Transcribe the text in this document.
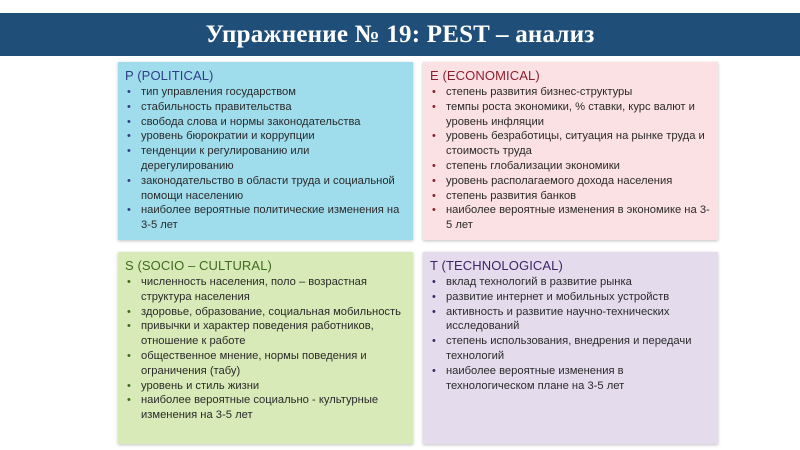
Упражнение № 19: PEST – анализ
P (POLITICAL)
• тип управления государством
• стабильность правительства
• свобода слова и нормы законодательства
• уровень бюрократии и коррупции
• тенденции к регулированию или дерегулированию
• законодательство в области труда и социальной помощи населению
• наиболее вероятные политические изменения на 3-5 лет
E (ECONOMICAL)
• степень развития бизнес-структуры
• темпы роста экономики, % ставки, курс валют и уровень инфляции
• уровень безработицы, ситуация на рынке труда и стоимость труда
• степень глобализации экономики
• уровень располагаемого дохода населения
• степень развития банков
• наиболее вероятные изменения в экономике на 3-5 лет
S (SOCIO – CULTURAL)
• численность населения, поло – возрастная структура населения
• здоровье, образование, социальная мобильность
• привычки и характер поведения работников, отношение к работе
• общественное мнение, нормы поведения и ограничения (табу)
• уровень и стиль жизни
• наиболее вероятные социально - культурные изменения на 3-5 лет
T (TECHNOLOGICAL)
• вклад технологий в развитие рынка
• развитие интернет и мобильных устройств
• активность и развитие научно-технических исследований
• степень использования, внедрения и передачи технологий
• наиболее вероятные изменения в технологическом плане на 3-5 лет
